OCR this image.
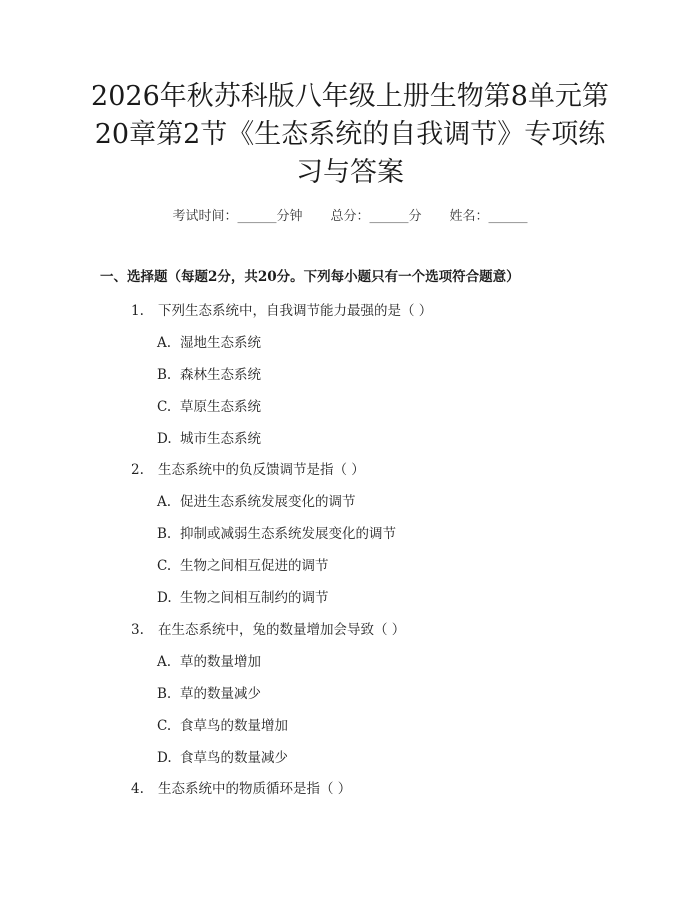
2026年秋苏科版八年级上册生物第8单元第
20章第2节《生态系统的自我调节》专项练
习与答案
考试时间：______分钟 总分：______分 姓名：______
一、选择题（每题2分，共20分。下列每小题只有一个选项符合题意）
1. 下列生态系统中，自我调节能力最强的是（ ）
A. 湿地生态系统
B. 森林生态系统
C. 草原生态系统
D. 城市生态系统
2. 生态系统中的负反馈调节是指（ ）
A. 促进生态系统发展变化的调节
B. 抑制或减弱生态系统发展变化的调节
C. 生物之间相互促进的调节
D. 生物之间相互制约的调节
3. 在生态系统中，兔的数量增加会导致（ ）
A. 草的数量增加
B. 草的数量减少
C. 食草鸟的数量增加
D. 食草鸟的数量减少
4. 生态系统中的物质循环是指（ ）
